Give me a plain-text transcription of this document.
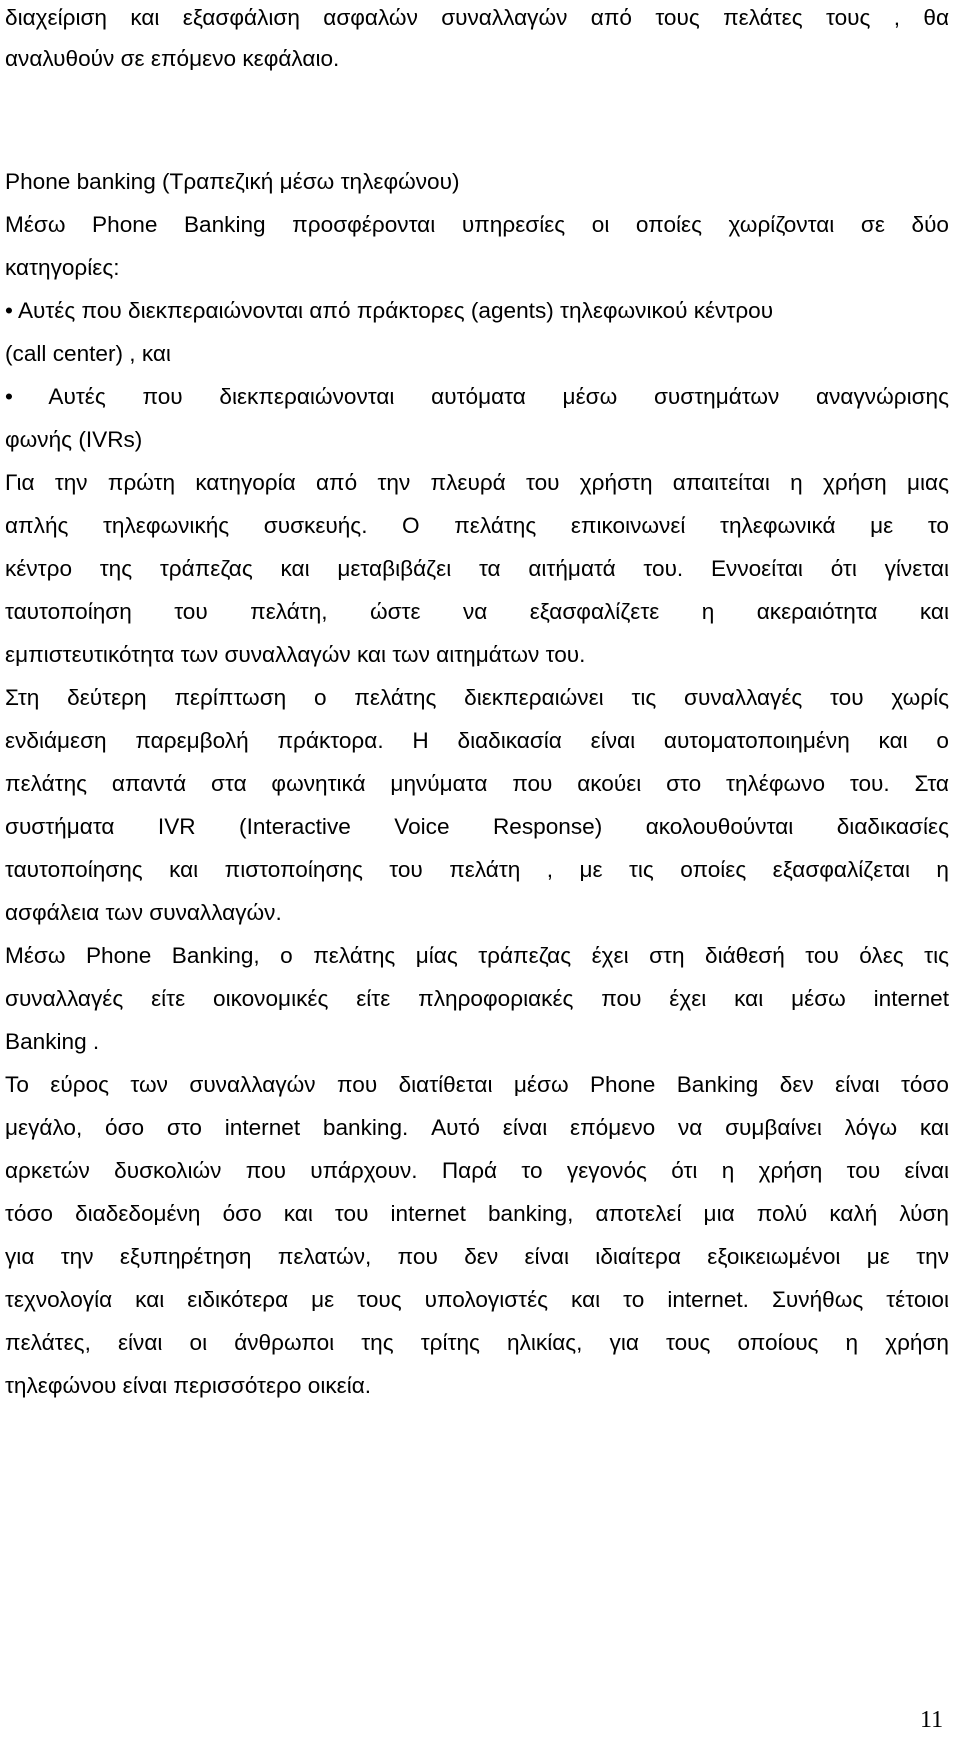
διαχείριση και εξασφάλιση ασφαλών συναλλαγών από τους πελάτες τους , θα
αναλυθούν σε επόμενο κεφάλαιο.
Phone banking (Τραπεζική μέσω τηλεφώνου)
Μέσω Phone Banking προσφέρονται υπηρεσίες οι οποίες χωρίζονται σε δύο
κατηγορίες:
• Αυτές που διεκπεραιώνονται από πράκτορες (agents) τηλεφωνικού κέντρου
(call center) , και
• Αυτές που διεκπεραιώνονται αυτόματα μέσω συστημάτων αναγνώρισης
φωνής (IVRs)
Για την πρώτη κατηγορία από την πλευρά του χρήστη απαιτείται η χρήση μιας
απλής τηλεφωνικής συσκευής. Ο πελάτης επικοινωνεί τηλεφωνικά με το
κέντρο της τράπεζας και μεταβιβάζει τα αιτήματά του. Εννοείται ότι γίνεται
ταυτοποίηση του πελάτη, ώστε να εξασφαλίζετε η ακεραιότητα και
εμπιστευτικότητα των συναλλαγών και των αιτημάτων του.
Στη δεύτερη περίπτωση ο πελάτης διεκπεραιώνει τις συναλλαγές του χωρίς
ενδιάμεση παρεμβολή πράκτορα. Η διαδικασία είναι αυτοματοποιημένη και ο
πελάτης απαντά στα φωνητικά μηνύματα που ακούει στο τηλέφωνο του. Στα
συστήματα IVR (Interactive Voice Response) ακολουθούνται διαδικασίες
ταυτοποίησης και πιστοποίησης του πελάτη , με τις οποίες εξασφαλίζεται η
ασφάλεια των συναλλαγών.
Μέσω Phone Banking, ο πελάτης μίας τράπεζας έχει στη διάθεσή του όλες τις
συναλλαγές είτε οικονομικές είτε πληροφοριακές που έχει και μέσω internet
Banking .
Το εύρος των συναλλαγών που διατίθεται μέσω Phone Banking δεν είναι τόσο
μεγάλο, όσο στο internet banking. Αυτό είναι επόμενο να συμβαίνει λόγω και
αρκετών δυσκολιών που υπάρχουν. Παρά το γεγονός ότι η χρήση του είναι
τόσο διαδεδομένη όσο και του internet banking, αποτελεί μια πολύ καλή λύση
για την εξυπηρέτηση πελατών, που δεν είναι ιδιαίτερα εξοικειωμένοι με την
τεχνολογία και ειδικότερα με τους υπολογιστές και το internet. Συνήθως τέτοιοι
πελάτες, είναι οι άνθρωποι της τρίτης ηλικίας, για τους οποίους η χρήση
τηλεφώνου είναι περισσότερο οικεία.
11
